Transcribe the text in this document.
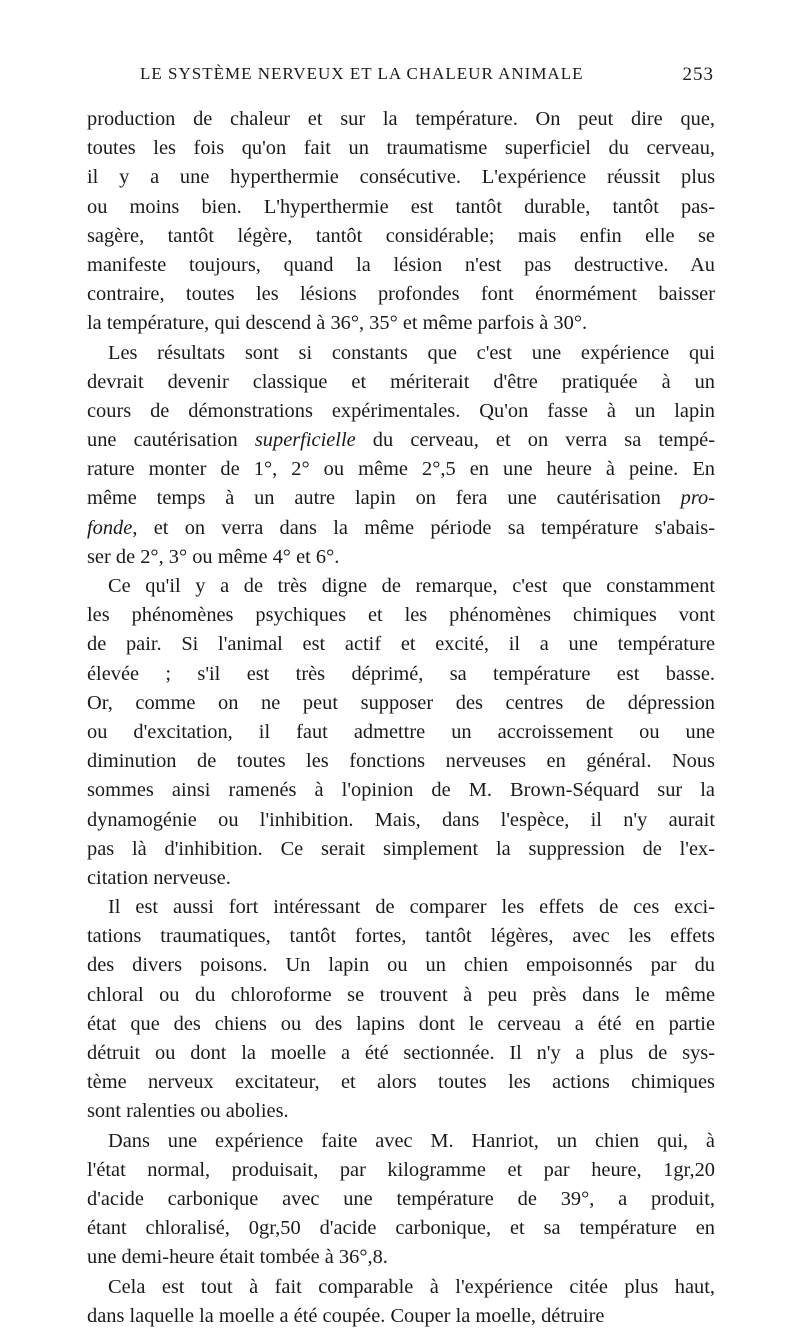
LE SYSTÈME NERVEUX ET LA CHALEUR ANIMALE	253
production de chaleur et sur la température. On peut dire que,
toutes les fois qu'on fait un traumatisme superficiel du cerveau,
il y a une hyperthermie consécutive. L'expérience réussit plus
ou moins bien. L'hyperthermie est tantôt durable, tantôt pas-
sagère, tantôt légère, tantôt considérable; mais enfin elle se
manifeste toujours, quand la lésion n'est pas destructive. Au
contraire, toutes les lésions profondes font énormément baisser
la température, qui descend à 36°, 35° et même parfois à 30°.
Les résultats sont si constants que c'est une expérience qui
devrait devenir classique et mériterait d'être pratiquée à un
cours de démonstrations expérimentales. Qu'on fasse à un lapin
une cautérisation superficielle du cerveau, et on verra sa tempé-
rature monter de 1°, 2° ou même 2°,5 en une heure à peine. En
même temps à un autre lapin on fera une cautérisation pro-
fonde, et on verra dans la même période sa température s'abais-
ser de 2°, 3° ou même 4° et 6°.
Ce qu'il y a de très digne de remarque, c'est que constamment
les phénomènes psychiques et les phénomènes chimiques vont
de pair. Si l'animal est actif et excité, il a une température
élevée ; s'il est très déprimé, sa température est basse.
Or, comme on ne peut supposer des centres de dépression
ou d'excitation, il faut admettre un accroissement ou une
diminution de toutes les fonctions nerveuses en général. Nous
sommes ainsi ramenés à l'opinion de M. Brown-Séquard sur la
dynamogénie ou l'inhibition. Mais, dans l'espèce, il n'y aurait
pas là d'inhibition. Ce serait simplement la suppression de l'ex-
citation nerveuse.
Il est aussi fort intéressant de comparer les effets de ces exci-
tations traumatiques, tantôt fortes, tantôt légères, avec les effets
des divers poisons. Un lapin ou un chien empoisonnés par du
chloral ou du chloroforme se trouvent à peu près dans le même
état que des chiens ou des lapins dont le cerveau a été en partie
détruit ou dont la moelle a été sectionnée. Il n'y a plus de sys-
tème nerveux excitateur, et alors toutes les actions chimiques
sont ralenties ou abolies.
Dans une expérience faite avec M. Hanriot, un chien qui, à
l'état normal, produisait, par kilogramme et par heure, 1gr,20
d'acide carbonique avec une température de 39°, a produit,
étant chloralisé, 0gr,50 d'acide carbonique, et sa température en
une demi-heure était tombée à 36°,8.
Cela est tout à fait comparable à l'expérience citée plus haut,
dans laquelle la moelle a été coupée. Couper la moelle, détruire
